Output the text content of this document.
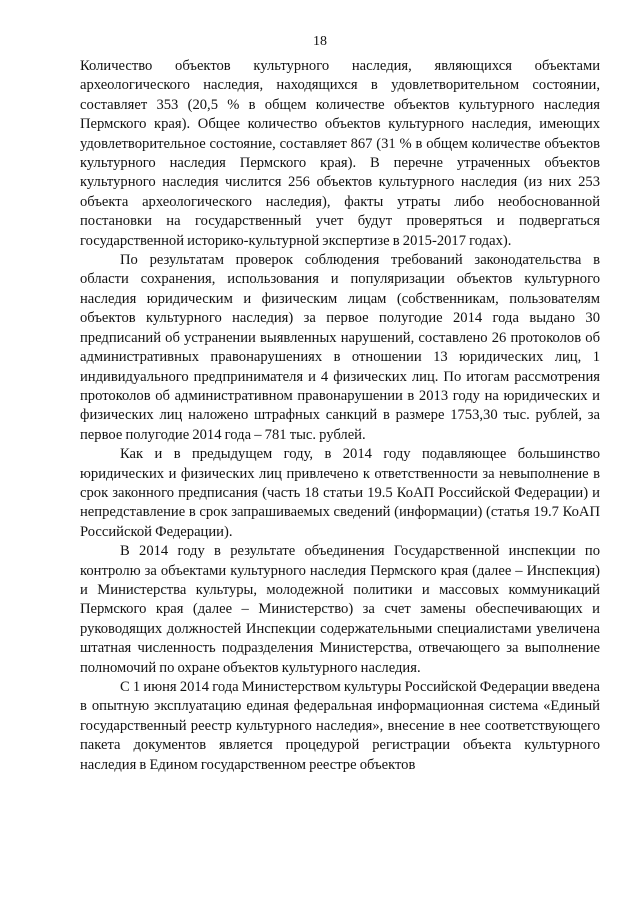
18

Количество объектов культурного наследия, являющихся объектами археологического наследия, находящихся в удовлетворительном состоянии, составляет 353 (20,5 % в общем количестве объектов культурного наследия Пермского края). Общее количество объектов культурного наследия, имеющих удовлетворительное состояние, составляет 867 (31 % в общем количестве объектов культурного наследия Пермского края). В перечне утраченных объектов культурного наследия числится 256 объектов культурного наследия (из них 253 объекта археологического наследия), факты утраты либо необоснованной постановки на государственный учет будут проверяться и подвергаться государственной историко-культурной экспертизе в 2015-2017 годах).

По результатам проверок соблюдения требований законодательства в области сохранения, использования и популяризации объектов культурного наследия юридическим и физическим лицам (собственникам, пользователям объектов культурного наследия) за первое полугодие 2014 года выдано 30 предписаний об устранении выявленных нарушений, составлено 26 протоколов об административных правонарушениях в отношении 13 юридических лиц, 1 индивидуального предпринимателя и 4 физических лиц. По итогам рассмотрения протоколов об административном правонарушении в 2013 году на юридических и физических лиц наложено штрафных санкций в размере 1753,30 тыс. рублей, за первое полугодие 2014 года – 781 тыс. рублей.

Как и в предыдущем году, в 2014 году подавляющее большинство юридических и физических лиц привлечено к ответственности за невыполнение в срок законного предписания (часть 18 статьи 19.5 КоАП Российской Федерации) и непредставление в срок запрашиваемых сведений (информации) (статья 19.7 КоАП Российской Федерации).

В 2014 году в результате объединения Государственной инспекции по контролю за объектами культурного наследия Пермского края (далее – Инспекция) и Министерства культуры, молодежной политики и массовых коммуникаций Пермского края (далее – Министерство) за счет замены обеспечивающих и руководящих должностей Инспекции содержательными специалистами увеличена штатная численность подразделения Министерства, отвечающего за выполнение полномочий по охране объектов культурного наследия.

С 1 июня 2014 года Министерством культуры Российской Федерации введена в опытную эксплуатацию единая федеральная информационная система «Единый государственный реестр культурного наследия», внесение в нее соответствующего пакета документов является процедурой регистрации объекта культурного наследия в Едином государственном реестре объектов
